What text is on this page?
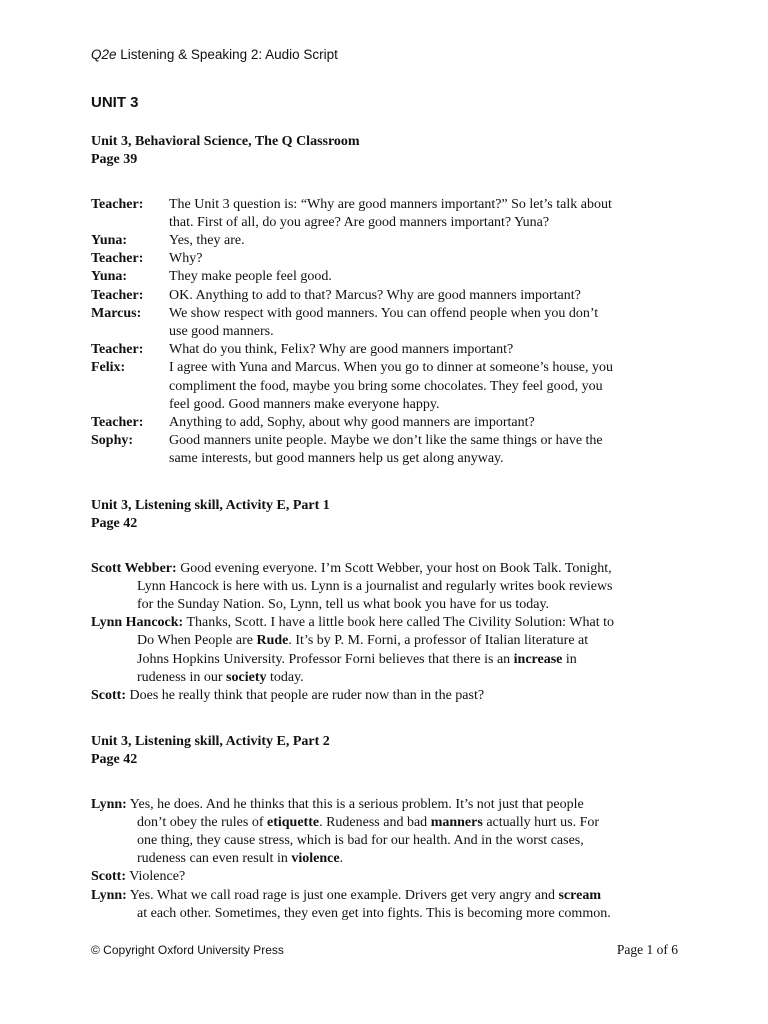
Q2e Listening & Speaking 2: Audio Script
UNIT 3
Unit 3, Behavioral Science, The Q Classroom
Page 39
Teacher: The Unit 3 question is: “Why are good manners important?” So let’s talk about
that. First of all, do you agree? Are good manners important? Yuna?
Yuna:	Yes, they are.
Teacher: Why?
Yuna:	They make people feel good.
Teacher: OK. Anything to add to that? Marcus? Why are good manners important?
Marcus: We show respect with good manners. You can offend people when you don’t
use good manners.
Teacher: What do you think, Felix? Why are good manners important?
Felix:	I agree with Yuna and Marcus. When you go to dinner at someone’s house, you
compliment the food, maybe you bring some chocolates. They feel good, you
feel good. Good manners make everyone happy.
Teacher: Anything to add, Sophy, about why good manners are important?
Sophy:	Good manners unite people. Maybe we don’t like the same things or have the
same interests, but good manners help us get along anyway.
Unit 3, Listening skill, Activity E, Part 1
Page 42
Scott Webber: Good evening everyone. I’m Scott Webber, your host on Book Talk. Tonight,
Lynn Hancock is here with us. Lynn is a journalist and regularly writes book reviews
for the Sunday Nation. So, Lynn, tell us what book you have for us today.
Lynn Hancock: Thanks, Scott. I have a little book here called The Civility Solution: What to
Do When People are Rude. It’s by P. M. Forni, a professor of Italian literature at
Johns Hopkins University. Professor Forni believes that there is an increase in
rudeness in our society today.
Scott: Does he really think that people are ruder now than in the past?
Unit 3, Listening skill, Activity E, Part 2
Page 42
Lynn: Yes, he does. And he thinks that this is a serious problem. It’s not just that people
don’t obey the rules of etiquette. Rudeness and bad manners actually hurt us. For
one thing, they cause stress, which is bad for our health. And in the worst cases,
rudeness can even result in violence.
Scott: Violence?
Lynn: Yes. What we call road rage is just one example. Drivers get very angry and scream
at each other. Sometimes, they even get into fights. This is becoming more common.
© Copyright Oxford University Press	Page 1 of 6
